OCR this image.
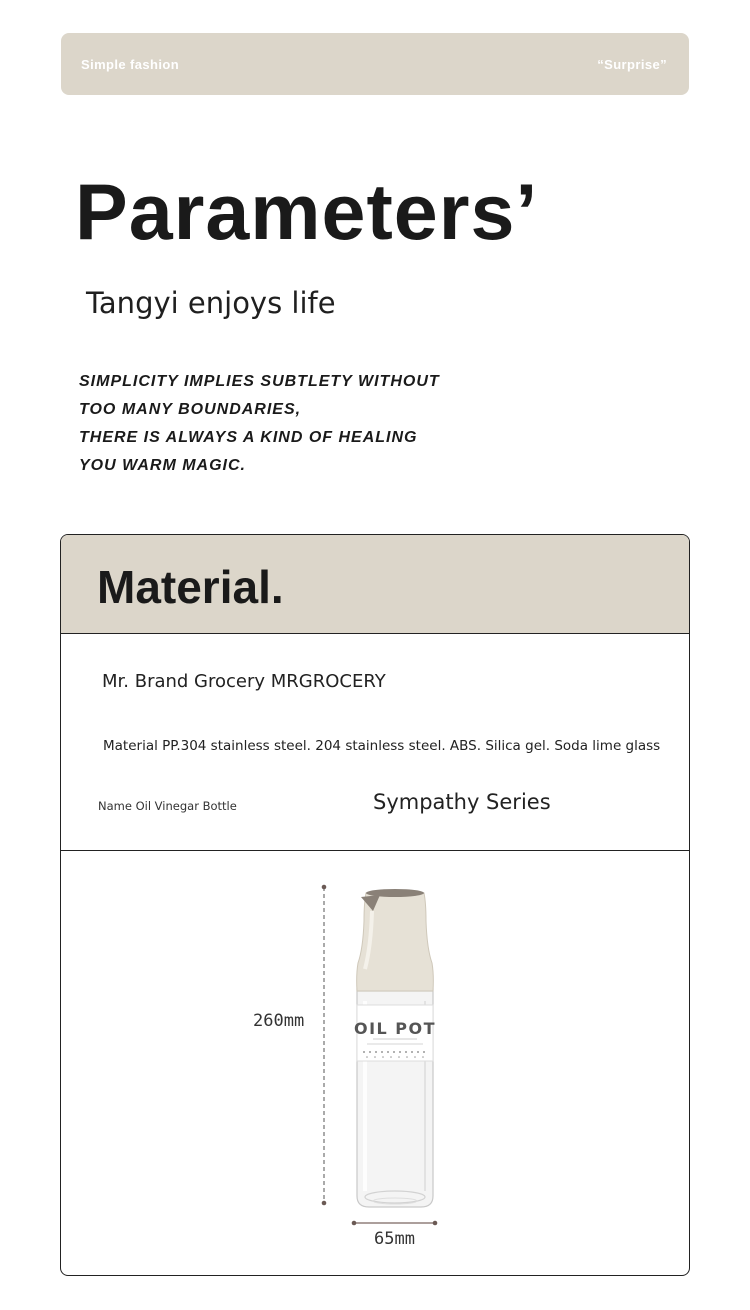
Simple fashion	“Surprise”
Parameters’
Tangyi enjoys life
SIMPLICITY IMPLIES SUBTLETY WITHOUT
TOO MANY BOUNDARIES,
THERE IS ALWAYS A KIND OF HEALING
YOU WARM MAGIC.
Material.
Mr. Brand Grocery MRGROCERY
Material PP.304 stainless steel. 204 stainless steel. ABS. Silica gel. Soda lime glass
Name Oil Vinegar Bottle	Sympathy Series
260mm
65mm
OIL POT
